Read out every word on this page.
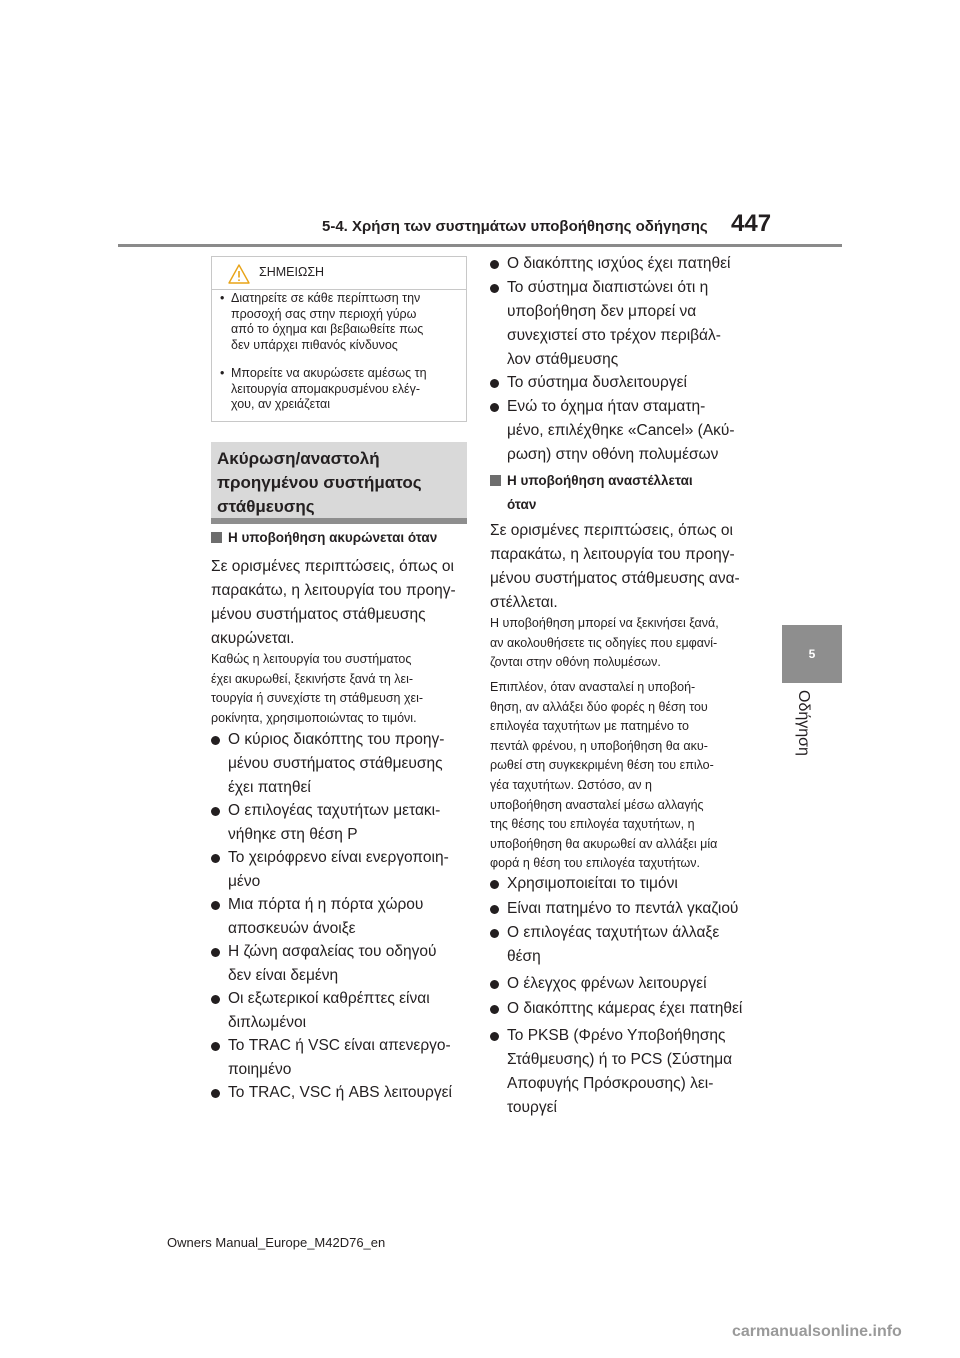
5-4. Χρήση των συστημάτων υποβοήθησης οδήγησης 447
5
Οδήγηση
ΣΗΜΕΙΩΣΗ
• Διατηρείτε σε κάθε περίπτωση την
προσοχή σας στην περιοχή γύρω
από το όχημα και βεβαιωθείτε πως
δεν υπάρχει πιθανός κίνδυνος
• Μπορείτε να ακυρώσετε αμέσως τη
λειτουργία απομακρυσμένου ελέγ-
χου, αν χρειάζεται
Ακύρωση/αναστολή
προηγμένου συστήματος
στάθμευσης
Η υποβοήθηση ακυρώνεται όταν
Σε ορισμένες περιπτώσεις, όπως οι
παρακάτω, η λειτουργία του προηγ-
μένου συστήματος στάθμευσης
ακυρώνεται.
Καθώς η λειτουργία του συστήματος
έχει ακυρωθεί, ξεκινήστε ξανά τη λει-
τουργία ή συνεχίστε τη στάθμευση χει-
ροκίνητα, χρησιμοποιώντας το τιμόνι.
Ο κύριος διακόπτης του προηγ-
μένου συστήματος στάθμευσης
έχει πατηθεί
Ο επιλογέας ταχυτήτων μετακι-
νήθηκε στη θέση P
Το χειρόφρενο είναι ενεργοποιη-
μένο
Μια πόρτα ή η πόρτα χώρου
αποσκευών άνοιξε
Η ζώνη ασφαλείας του οδηγού
δεν είναι δεμένη
Οι εξωτερικοί καθρέπτες είναι
διπλωμένοι
Το TRAC ή VSC είναι απενεργο-
ποιημένο
Το TRAC, VSC ή ABS λειτουργεί
Ο διακόπτης ισχύος έχει πατηθεί
Το σύστημα διαπιστώνει ότι η
υποβοήθηση δεν μπορεί να
συνεχιστεί στο τρέχον περιβάλ-
λον στάθμευσης
Το σύστημα δυσλειτουργεί
Ενώ το όχημα ήταν σταματη-
μένο, επιλέχθηκε «Cancel» (Ακύ-
ρωση) στην οθόνη πολυμέσων
Η υποβοήθηση αναστέλλεται
όταν
Σε ορισμένες περιπτώσεις, όπως οι
παρακάτω, η λειτουργία του προηγ-
μένου συστήματος στάθμευσης ανα-
στέλλεται.
Η υποβοήθηση μπορεί να ξεκινήσει ξανά,
αν ακολουθήσετε τις οδηγίες που εμφανί-
ζονται στην οθόνη πολυμέσων.
Επιπλέον, όταν ανασταλεί η υποβοή-
θηση, αν αλλάξει δύο φορές η θέση του
επιλογέα ταχυτήτων με πατημένο το
πεντάλ φρένου, η υποβοήθηση θα ακυ-
ρωθεί στη συγκεκριμένη θέση του επιλο-
γέα ταχυτήτων. Ωστόσο, αν η
υποβοήθηση ανασταλεί μέσω αλλαγής
της θέσης του επιλογέα ταχυτήτων, η
υποβοήθηση θα ακυρωθεί αν αλλάξει μία
φορά η θέση του επιλογέα ταχυτήτων.
Χρησιμοποιείται το τιμόνι
Είναι πατημένο το πεντάλ γκαζιού
Ο επιλογέας ταχυτήτων άλλαξε
θέση
Ο έλεγχος φρένων λειτουργεί
Ο διακόπτης κάμερας έχει πατηθεί
Το PKSB (Φρένο Υποβοήθησης
Στάθμευσης) ή το PCS (Σύστημα
Αποφυγής Πρόσκρουσης) λει-
τουργεί
Owners Manual_Europe_M42D76_en
carmanualsonline.info
